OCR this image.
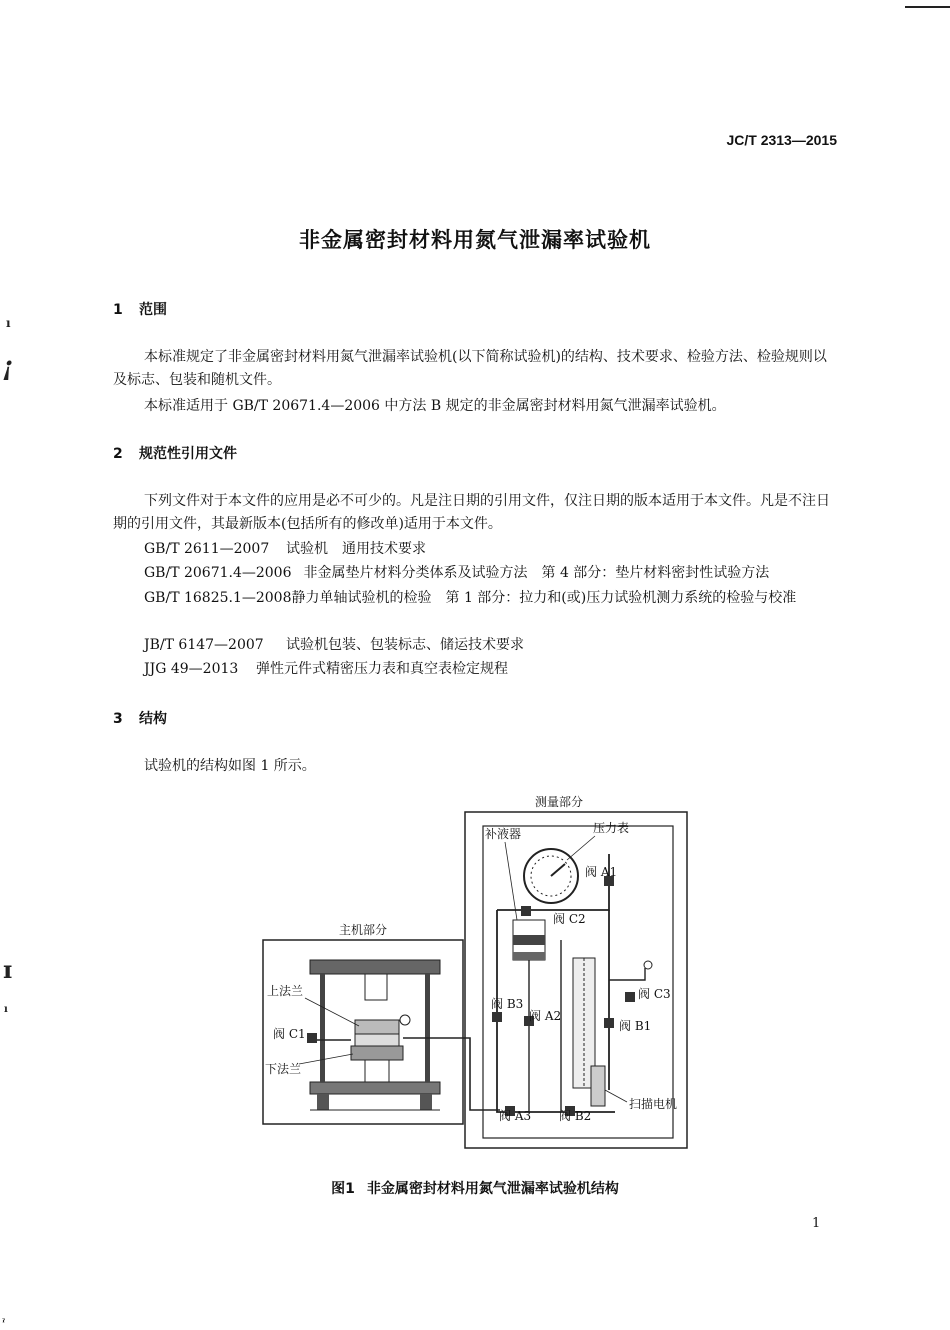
ı
¡
ɪ
ı
ˀ
JC/T 2313—2015
非金属密封材料用氮气泄漏率试验机
1 范围
本标准规定了非金属密封材料用氮气泄漏率试验机(以下简称试验机)的结构、技术要求、检验方法、检验规则以及标志、包装和随机文件。
本标准适用于 GB/T 20671.4—2006 中方法 B 规定的非金属密封材料用氮气泄漏率试验机。
2 规范性引用文件
下列文件对于本文件的应用是必不可少的。凡是注日期的引用文件，仅注日期的版本适用于本文件。凡是不注日期的引用文件，其最新版本(包括所有的修改单)适用于本文件。
GB/T 2611—2007 试验机　通用技术要求
GB/T 20671.4—2006 非金属垫片材料分类体系及试验方法　第 4 部分：垫片材料密封性试验方法
GB/T 16825.1—2008静力单轴试验机的检验　第 1 部分：拉力和(或)压力试验机测力系统的检验与校准
JB/T 6147—2007 试验机包装、包装标志、储运技术要求
JJG 49—2013 弹性元件式精密压力表和真空表检定规程
3 结构
试验机的结构如图 1 所示。
测量部分
主机部分
上法兰
阀 C1
下法兰
补液器	压力表
阀 A1
阀 C2
阀 C3
阀 B3
阀 A2
阀 B1
阀 A3 阀 B2
扫描电机
图1 非金属密封材料用氮气泄漏率试验机结构
1
